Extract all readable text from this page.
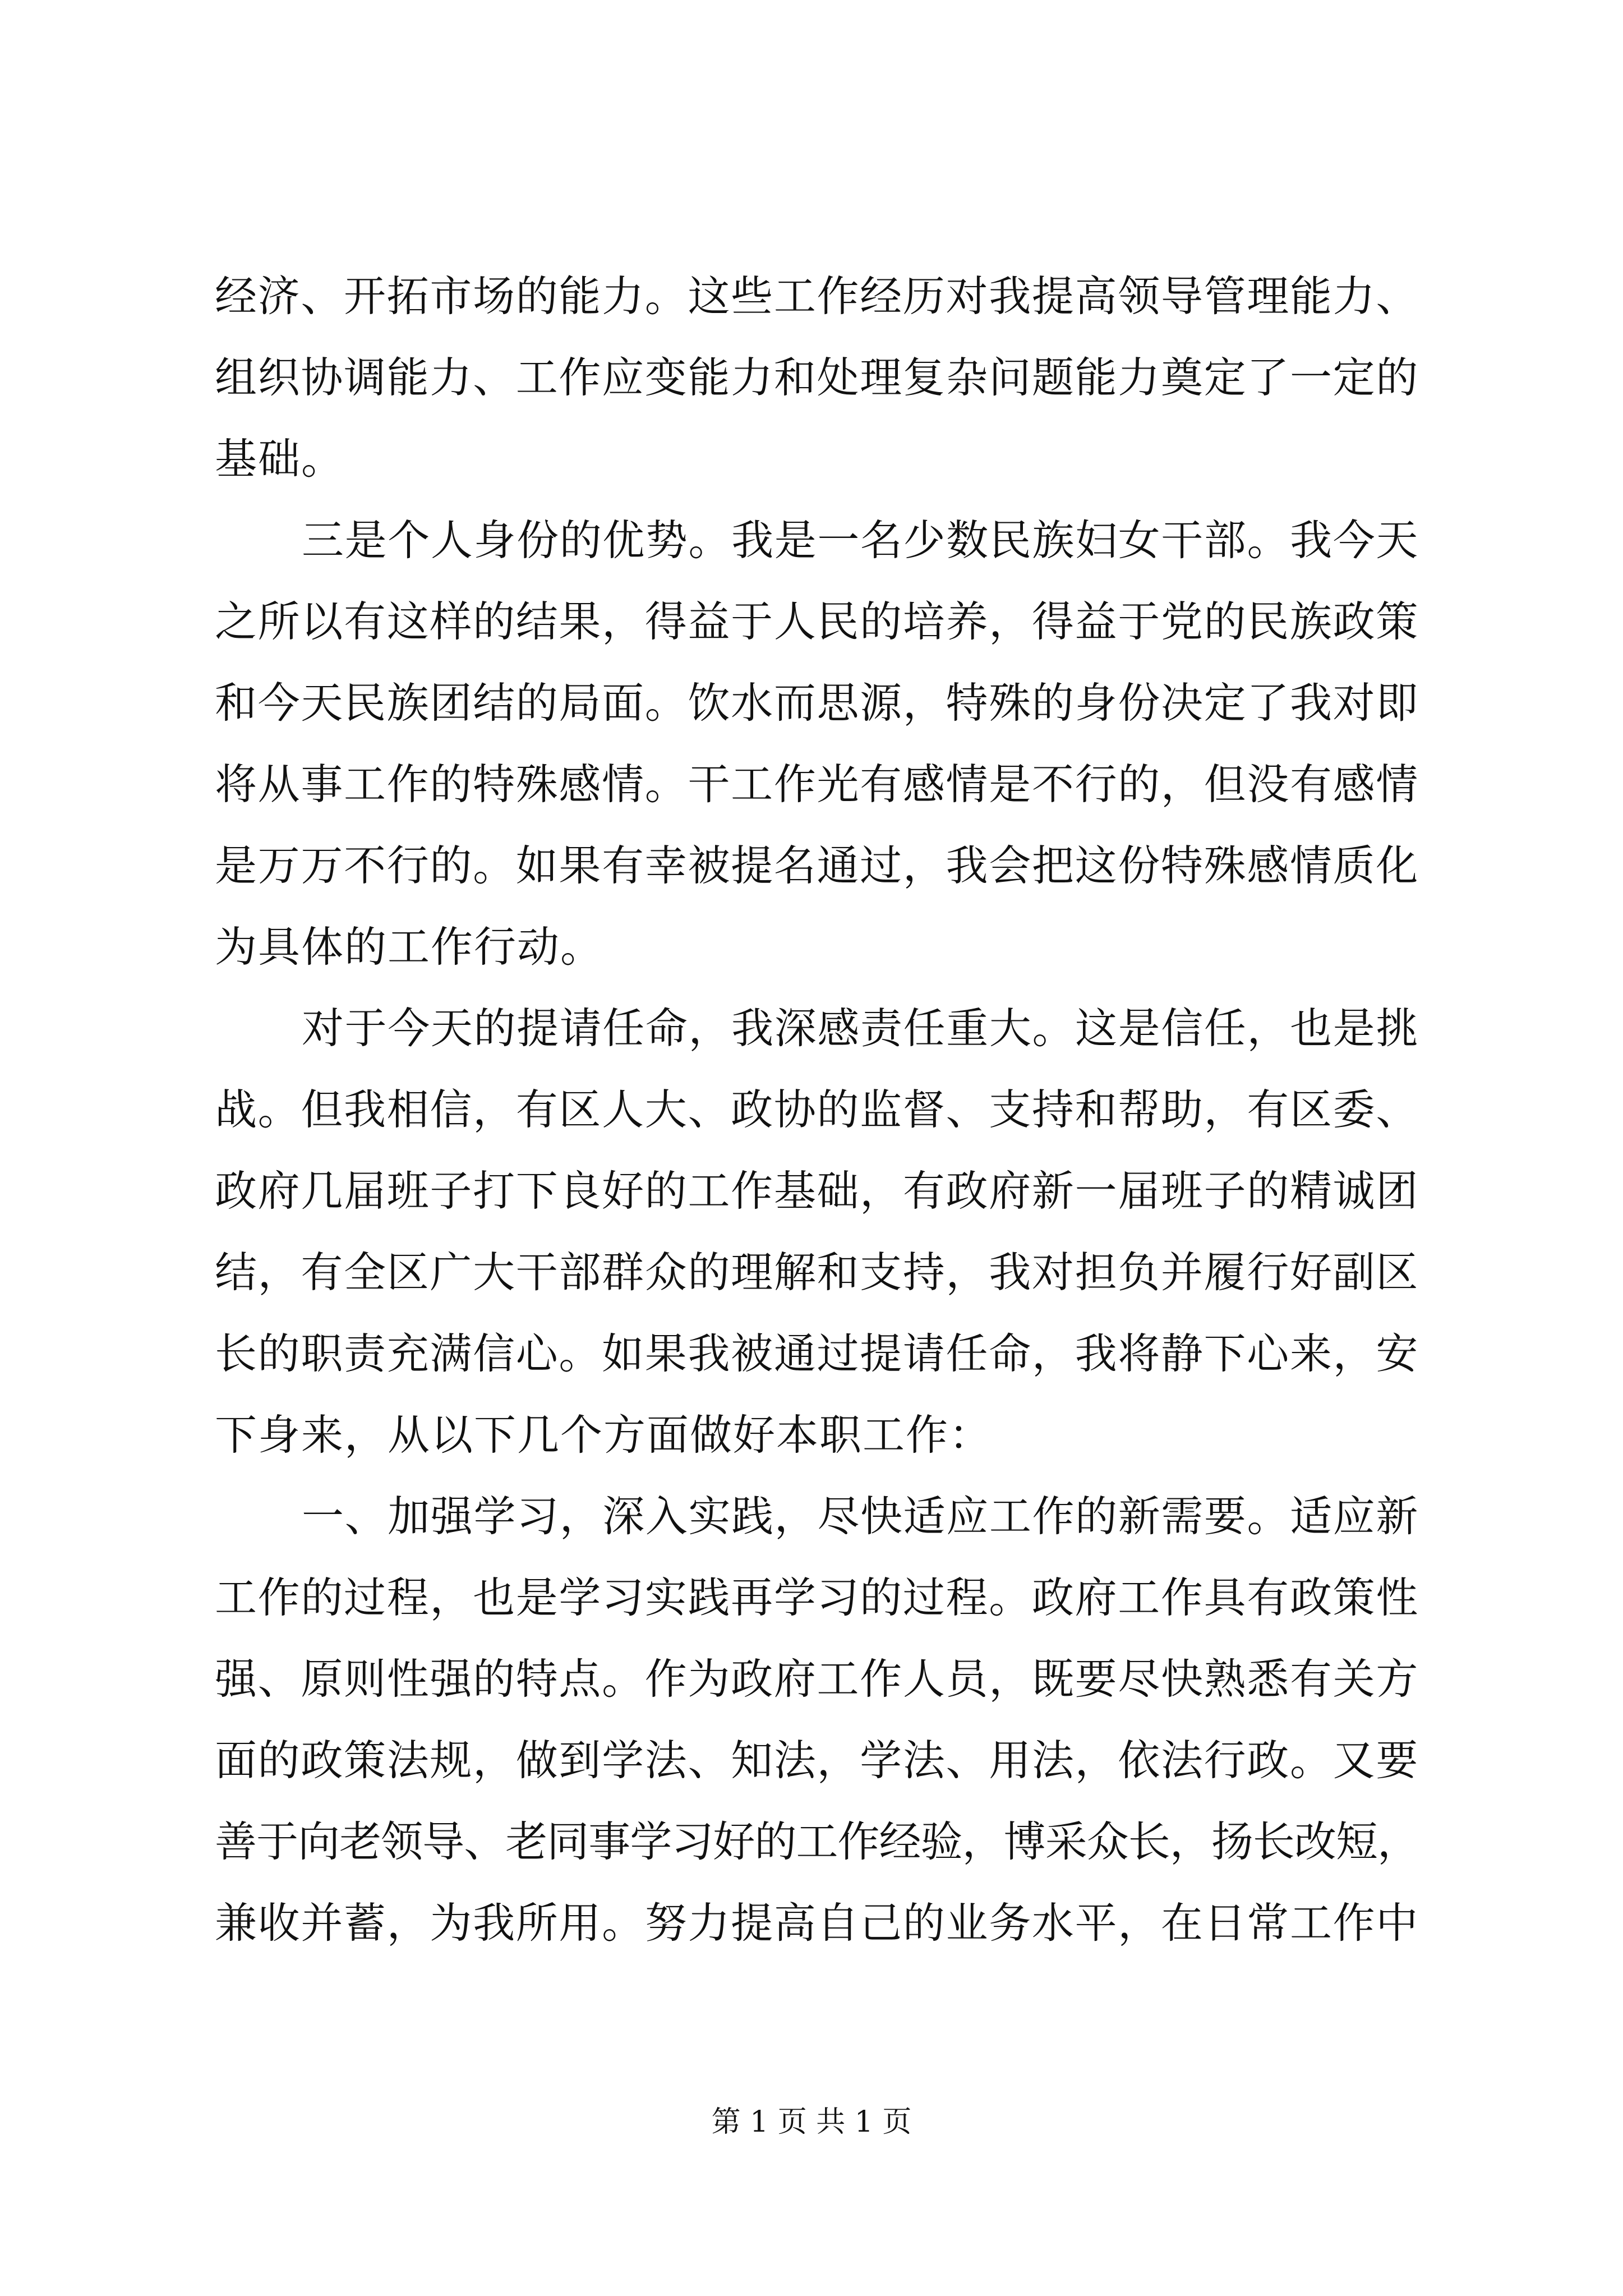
经济、开拓市场的能力。这些工作经历对我提高领导管理能力、
组织协调能力、工作应变能力和处理复杂问题能力奠定了一定的
基础。
三是个人身份的优势。我是一名少数民族妇女干部。我今天
之所以有这样的结果，得益于人民的培养，得益于党的民族政策
和今天民族团结的局面。饮水而思源，特殊的身份决定了我对即
将从事工作的特殊感情。干工作光有感情是不行的，但没有感情
是万万不行的。如果有幸被提名通过，我会把这份特殊感情质化
为具体的工作行动。
对于今天的提请任命，我深感责任重大。这是信任，也是挑
战。但我相信，有区人大、政协的监督、支持和帮助，有区委、
政府几届班子打下良好的工作基础，有政府新一届班子的精诚团
结，有全区广大干部群众的理解和支持，我对担负并履行好副区
长的职责充满信心。如果我被通过提请任命，我将静下心来，安
下身来，从以下几个方面做好本职工作：
一、加强学习，深入实践，尽快适应工作的新需要。适应新
工作的过程，也是学习实践再学习的过程。政府工作具有政策性
强、原则性强的特点。作为政府工作人员，既要尽快熟悉有关方
面的政策法规，做到学法、知法，学法、用法，依法行政。又要
善于向老领导、老同事学习好的工作经验，博采众长，扬长改短，
兼收并蓄，为我所用。努力提高自己的业务水平，在日常工作中
第 1 页 共 1 页
